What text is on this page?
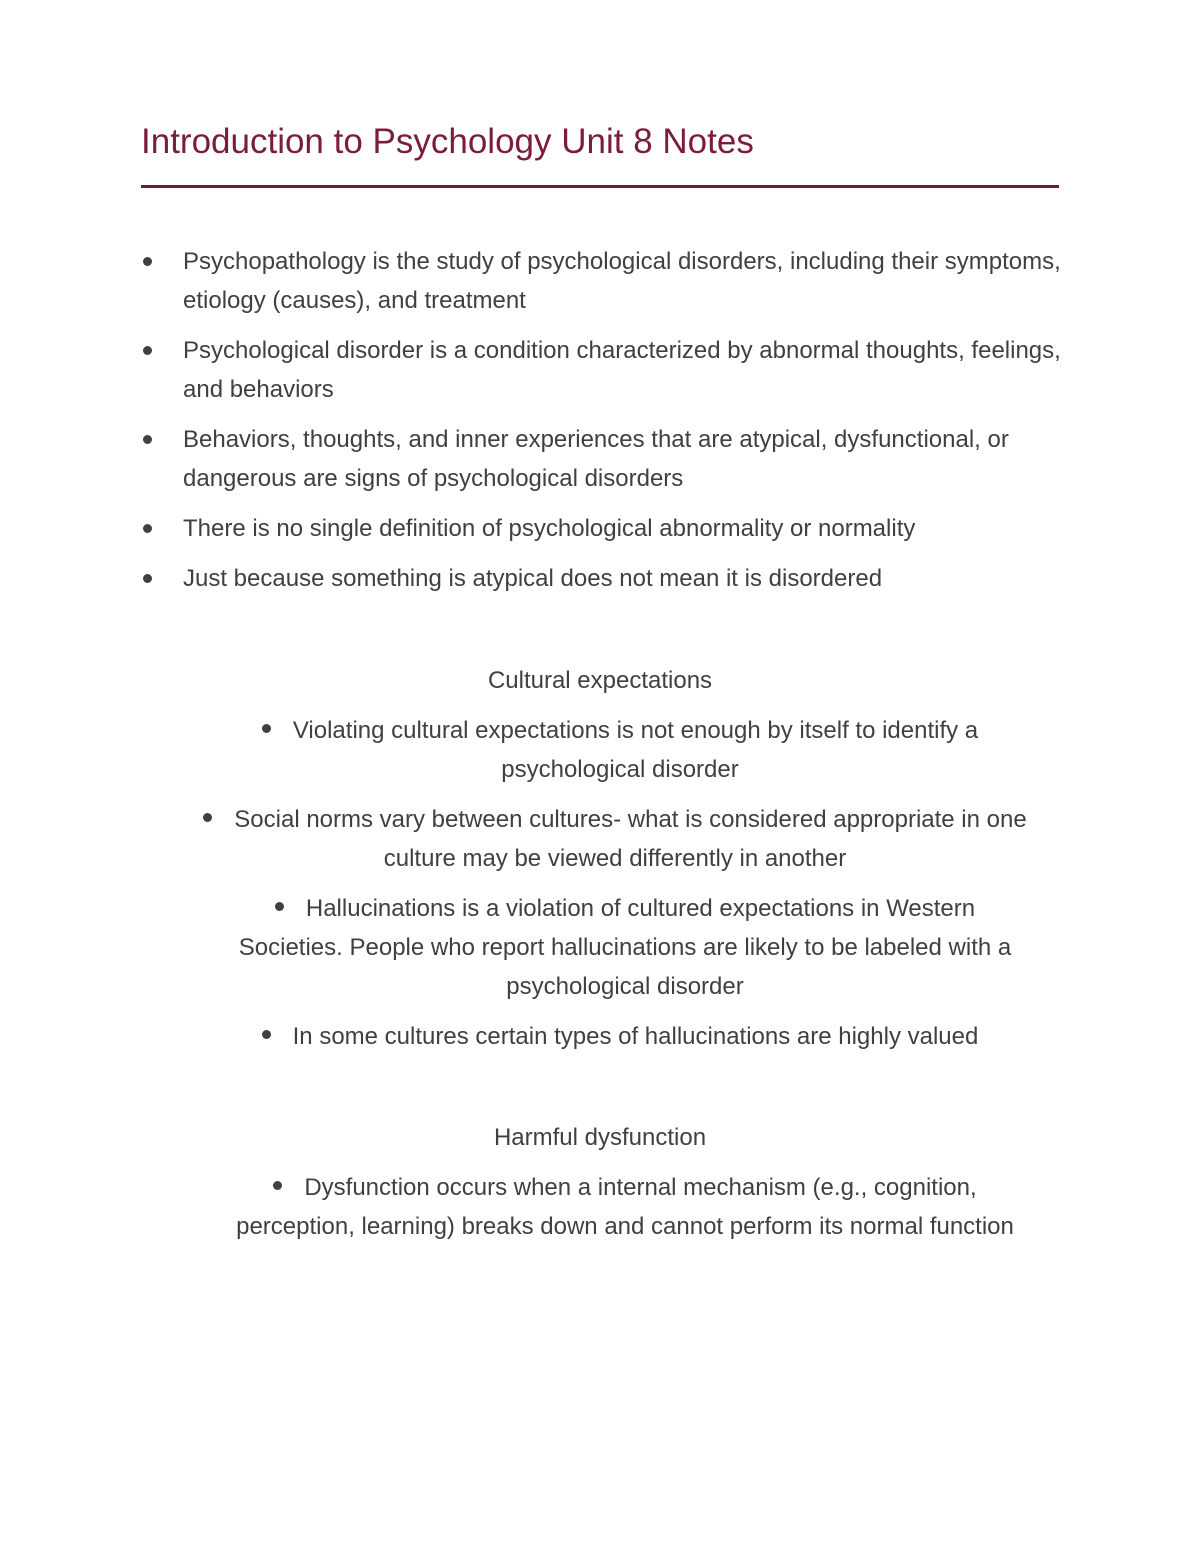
Introduction to Psychology Unit 8 Notes
Psychopathology is the study of psychological disorders, including their symptoms, etiology (causes), and treatment
Psychological disorder is a condition characterized by abnormal thoughts, feelings, and behaviors
Behaviors, thoughts, and inner experiences that are atypical, dysfunctional, or dangerous are signs of psychological disorders
There is no single definition of psychological abnormality or normality
Just because something is atypical does not mean it is disordered
Cultural expectations
Violating cultural expectations is not enough by itself to identify a psychological disorder
Social norms vary between cultures- what is considered appropriate in one culture may be viewed differently in another
Hallucinations is a violation of cultured expectations in Western Societies. People who report hallucinations are likely to be labeled with a psychological disorder
In some cultures certain types of hallucinations are highly valued
Harmful dysfunction
Dysfunction occurs when a internal mechanism (e.g., cognition, perception, learning) breaks down and cannot perform its normal function
